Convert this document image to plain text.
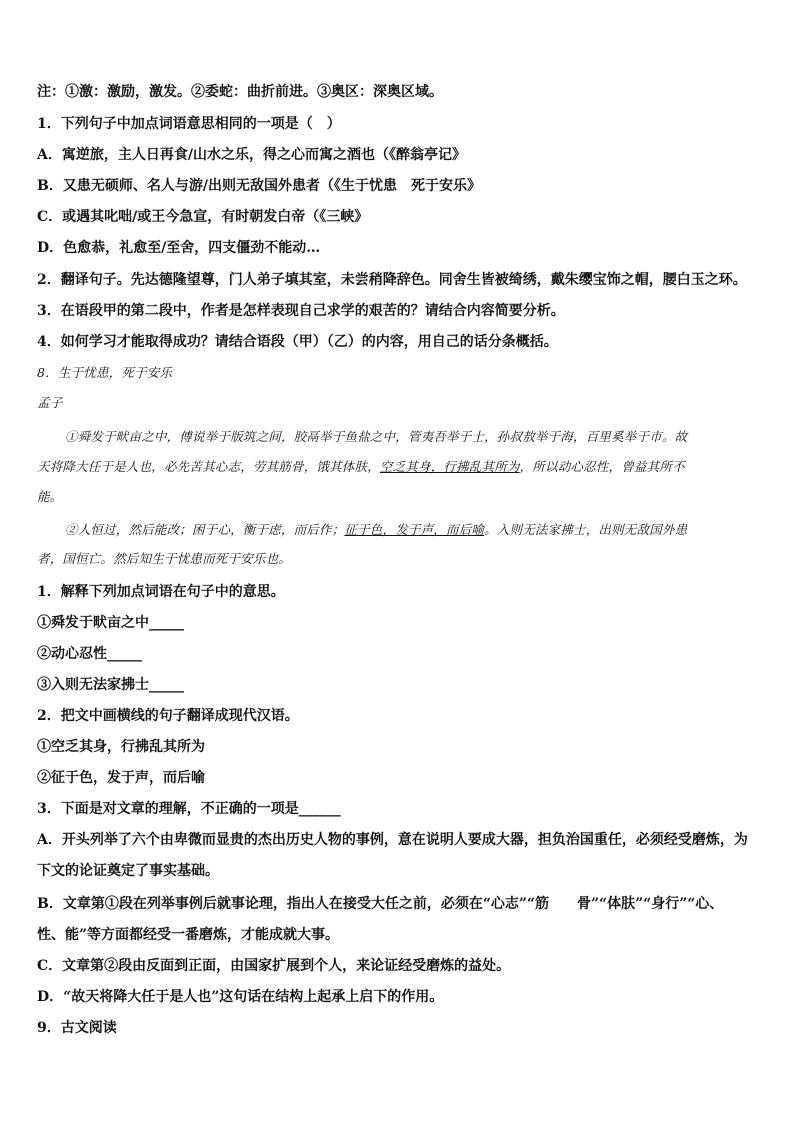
注：①激：激励，激发。②委蛇：曲折前进。③奥区：深奥区域。
1．下列句子中加点词语意思相同的一项是（　）
A．寓逆旅，主人日再食/山水之乐，得之心而寓之酒也（《醉翁亭记》
B．又患无硕师、名人与游/出则无敌国外患者（《生于忧患　死于安乐》
C．或遇其叱咄/或王今急宣，有时朝发白帝（《三峡》
D．色愈恭，礼愈至/至舍，四支僵劲不能动…
2．翻译句子。先达德隆望尊，门人弟子填其室，未尝稍降辞色。同舍生皆被绮绣，戴朱缨宝饰之帽，腰白玉之环。
3．在语段甲的第二段中，作者是怎样表现自己求学的艰苦的？请结合内容简要分析。
4．如何学习才能取得成功？请结合语段（甲）（乙）的内容，用自己的话分条概括。
8．生于忧患，死于安乐
孟子
①舜发于畎亩之中，傅说举于版筑之间，胶鬲举于鱼盐之中，管夷吾举于士，孙叔敖举于海，百里奚举于市。故
天将降大任于是人也，必先苦其心志，劳其筋骨，饿其体肤，空乏其身，行拂乱其所为，所以动心忍性，曾益其所不
能。
②人恒过，然后能改；困于心，衡于虑，而后作；征于色，发于声，而后喻。入则无法家拂士，出则无敌国外患
者，国恒亡。然后知生于忧患而死于安乐也。
1．解释下列加点词语在句子中的意思。
①舜发于畎亩之中_____
②动心忍性_____
③入则无法家拂士_____
2．把文中画横线的句子翻译成现代汉语。
①空乏其身，行拂乱其所为
②征于色，发于声，而后喻
3．下面是对文章的理解，不正确的一项是______
A．开头列举了六个由卑微而显贵的杰出历史人物的事例，意在说明人要成大器，担负治国重任，必须经受磨炼，为
下文的论证奠定了事实基础。
B．文章第①段在列举事例后就事论理，指出人在接受大任之前，必须在“心志”“筋　　骨”“体肤”“身行”“心、
性、能”等方面都经受一番磨炼，才能成就大事。
C．文章第②段由反面到正面，由国家扩展到个人，来论证经受磨炼的益处。
D．“故天将降大任于是人也”这句话在结构上起承上启下的作用。
9．古文阅读
